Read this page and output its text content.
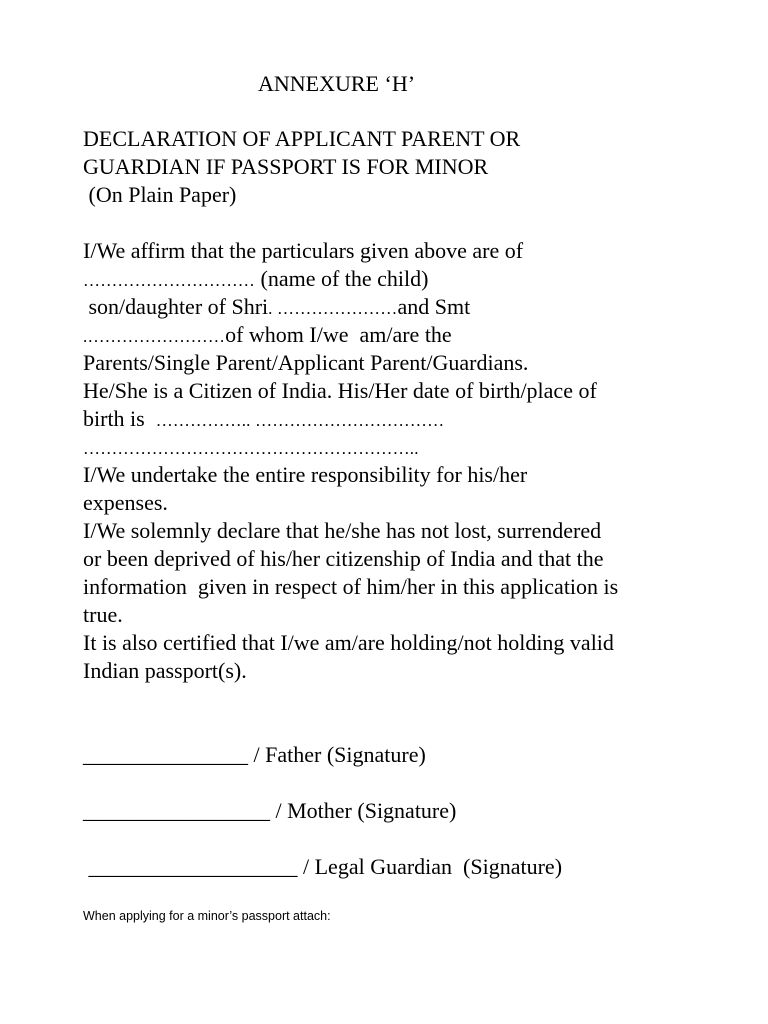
ANNEXURE ‘H’
DECLARATION OF APPLICANT PARENT OR
GUARDIAN IF PASSPORT IS FOR MINOR
(On Plain Paper)
I/We affirm that the particulars given above are of
………………………… (name of the child)
son/daughter of Shri. …………………and Smt
.……………………of whom I/we  am/are the
Parents/Single Parent/Applicant Parent/Guardians.
He/She is a Citizen of India. His/Her date of birth/place of
birth is  …………….. ……………………………
…………………………………………………..
I/We undertake the entire responsibility for his/her
expenses.
I/We solemnly declare that he/she has not lost, surrendered
or been deprived of his/her citizenship of India and that the
information  given in respect of him/her in this application is
true.
It is also certified that I/we am/are holding/not holding valid
Indian passport(s).
_______________ / Father (Signature)
_________________ / Mother (Signature)
___________________ / Legal Guardian  (Signature)
When applying for a minor’s passport attach:
